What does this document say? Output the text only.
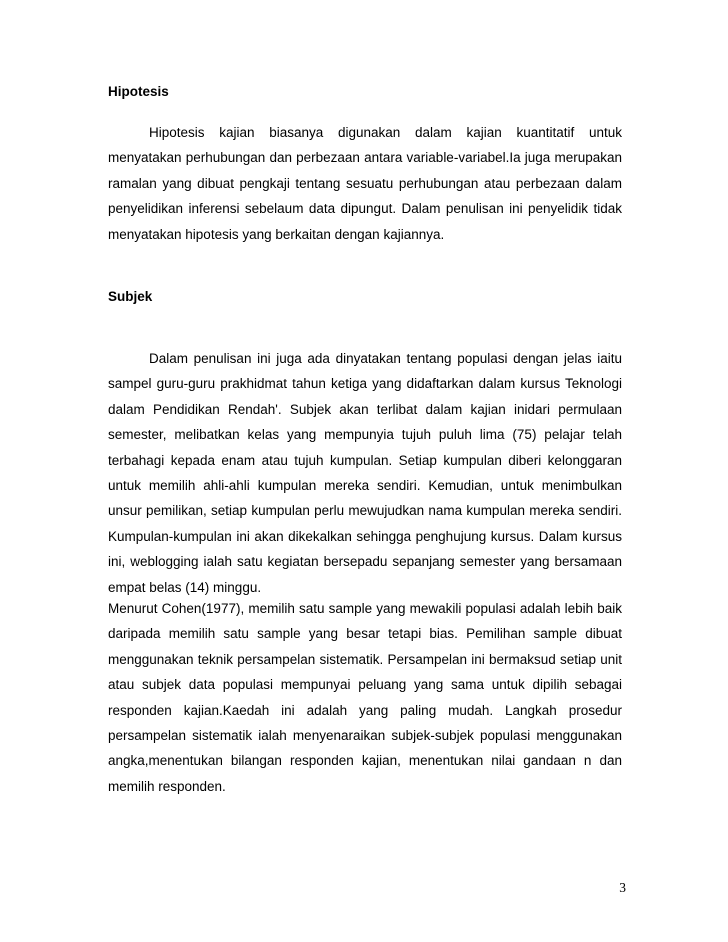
Hipotesis

Hipotesis kajian biasanya digunakan dalam kajian kuantitatif untuk menyatakan perhubungan dan perbezaan antara variable-variabel.Ia juga merupakan ramalan yang dibuat pengkaji tentang sesuatu perhubungan atau perbezaan dalam penyelidikan inferensi sebelaum data dipungut. Dalam penulisan ini penyelidik tidak menyatakan hipotesis yang berkaitan dengan kajiannya.

Subjek

Dalam penulisan ini juga ada dinyatakan tentang populasi dengan jelas iaitu sampel guru-guru prakhidmat tahun ketiga yang didaftarkan dalam kursus Teknologi dalam Pendidikan Rendah'. Subjek akan terlibat dalam kajian inidari permulaan semester, melibatkan kelas yang mempunyia tujuh puluh lima (75) pelajar telah terbahagi kepada enam atau tujuh kumpulan. Setiap kumpulan diberi kelonggaran untuk memilih ahli-ahli kumpulan mereka sendiri. Kemudian, untuk menimbulkan unsur pemilikan, setiap kumpulan perlu mewujudkan nama kumpulan mereka sendiri. Kumpulan-kumpulan ini akan dikekalkan sehingga penghujung kursus. Dalam kursus ini, weblogging ialah satu kegiatan bersepadu sepanjang semester yang bersamaan empat belas (14) minggu.

Menurut Cohen(1977), memilih satu sample yang mewakili populasi adalah lebih baik daripada memilih satu sample yang besar tetapi bias. Pemilihan sample dibuat menggunakan teknik persampelan sistematik. Persampelan ini bermaksud setiap unit atau subjek data populasi mempunyai peluang yang sama untuk dipilih sebagai responden kajian.Kaedah ini adalah yang paling mudah. Langkah prosedur persampelan sistematik ialah menyenaraikan subjek-subjek populasi menggunakan angka,menentukan bilangan responden kajian, menentukan nilai gandaan n dan memilih responden.

3
